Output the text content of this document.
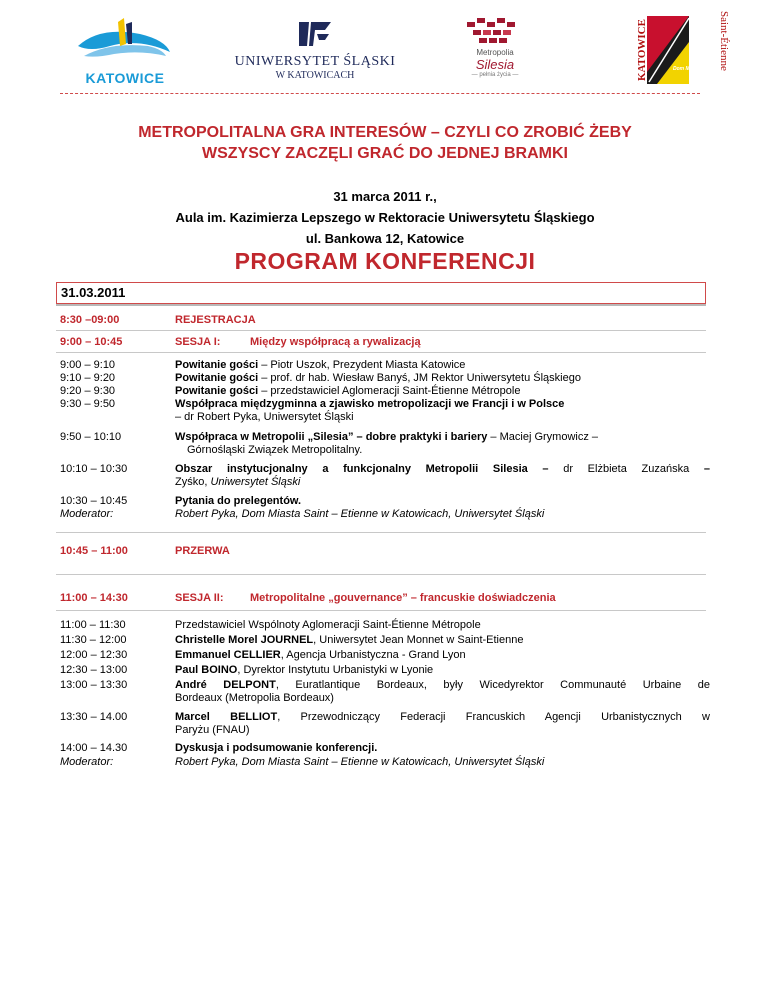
KATOWICE
UNIWERSYTET ŚLĄSKI
W KATOWICACH
Metropolia
Silesia
— pełnia życia —	KATOWICE	Saint-Étienne
Dom Maison
METROPOLITALNA GRA INTERESÓW – CZYLI CO ZROBIĆ ŻEBY
WSZYSCY ZACZĘLI GRAĆ DO JEDNEJ BRAMKI
31 marca 2011 r.,
Aula im. Kazimierza Lepszego w Rektoracie Uniwersytetu Śląskiego
ul. Bankowa 12, Katowice
PROGRAM KONFERENCJI
31.03.2011
8:30 –09:00	REJESTRACJA
9:00 – 10:45	SESJA I:	Między współpracą a rywalizacją
9:00 – 9:10	Powitanie gości – Piotr Uszok, Prezydent Miasta Katowice
9:10 – 9:20	Powitanie gości – prof. dr hab. Wiesław Banyś, JM Rektor Uniwersytetu Śląskiego
9:20 – 9:30	Powitanie gości – przedstawiciel Aglomeracji Saint-Étienne Métropole
9:30 – 9:50	Współpraca międzygminna a zjawisko metropolizacji we Francji i w Polsce
– dr Robert Pyka, Uniwersytet Śląski
9:50 – 10:10	Współpraca w Metropolii „Silesia” – dobre praktyki i bariery – Maciej Grymowicz –
Górnośląski Związek Metropolitalny.
10:10 – 10:30	Obszar instytucjonalny a funkcjonalny Metropolii Silesia – dr Elżbieta Zuzańska –
Zyśko, Uniwersytet Śląski
10:30 – 10:45	Pytania do prelegentów.
Moderator:	Robert Pyka, Dom Miasta Saint – Etienne w Katowicach, Uniwersytet Śląski
10:45 – 11:00	PRZERWA
11:00 – 14:30	SESJA II: Metropolitalne „gouvernance” – francuskie doświadczenia
11:00 – 11:30	Przedstawiciel Wspólnoty Aglomeracji Saint-Étienne Métropole
11:30 – 12:00	Christelle Morel JOURNEL, Uniwersytet Jean Monnet w Saint-Etienne
12:00 – 12:30	Emmanuel CELLIER, Agencja Urbanistyczna - Grand Lyon
12:30 – 13:00	Paul BOINO, Dyrektor Instytutu Urbanistyki w Lyonie
13:00 – 13:30	André DELPONT, Euratlantique Bordeaux, były Wicedyrektor Communauté Urbaine de
Bordeaux (Metropolia Bordeaux)
13:30 – 14.00	Marcel BELLIOT, Przewodniczący Federacji Francuskich Agencji Urbanistycznych w
Paryżu (FNAU)
14:00 – 14.30	Dyskusja i podsumowanie konferencji.
Moderator:	Robert Pyka, Dom Miasta Saint – Etienne w Katowicach, Uniwersytet Śląski
